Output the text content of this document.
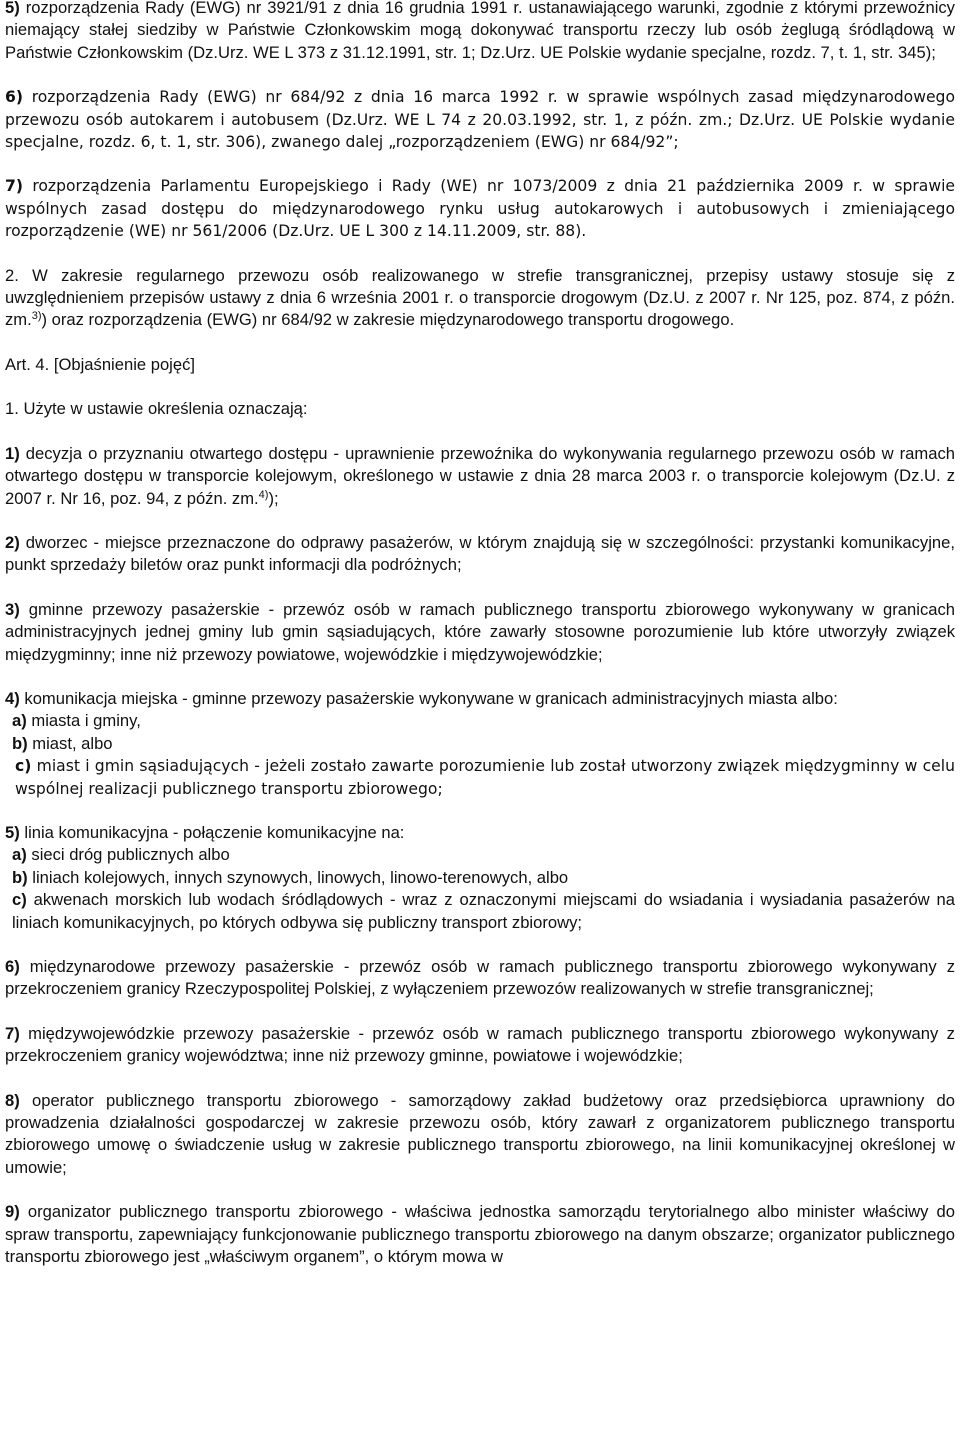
5) rozporządzenia Rady (EWG) nr 3921/91 z dnia 16 grudnia 1991 r. ustanawiającego warunki, zgodnie z którymi przewoźnicy niemający stałej siedziby w Państwie Członkowskim mogą dokonywać transportu rzeczy lub osób żeglugą śródlądową w Państwie Członkowskim (Dz.Urz. WE L 373 z 31.12.1991, str. 1; Dz.Urz. UE Polskie wydanie specjalne, rozdz. 7, t. 1, str. 345);

6) rozporządzenia Rady (EWG) nr 684/92 z dnia 16 marca 1992 r. w sprawie wspólnych zasad międzynarodowego przewozu osób autokarem i autobusem (Dz.Urz. WE L 74 z 20.03.1992, str. 1, z późn. zm.; Dz.Urz. UE Polskie wydanie specjalne, rozdz. 6, t. 1, str. 306), zwanego dalej „rozporządzeniem (EWG) nr 684/92”;

7) rozporządzenia Parlamentu Europejskiego i Rady (WE) nr 1073/2009 z dnia 21 października 2009 r. w sprawie wspólnych zasad dostępu do międzynarodowego rynku usług autokarowych i autobusowych i zmieniającego rozporządzenie (WE) nr 561/2006 (Dz.Urz. UE L 300 z 14.11.2009, str. 88).

2. W zakresie regularnego przewozu osób realizowanego w strefie transgranicznej, przepisy ustawy stosuje się z uwzględnieniem przepisów ustawy z dnia 6 września 2001 r. o transporcie drogowym (Dz.U. z 2007 r. Nr 125, poz. 874, z późn. zm.$^{3)}$) oraz rozporządzenia (EWG) nr 684/92 w zakresie międzynarodowego transportu drogowego.

Art. 4. [Objaśnienie pojęć]

1. Użyte w ustawie określenia oznaczają:

1) decyzja o przyznaniu otwartego dostępu - uprawnienie przewoźnika do wykonywania regularnego przewozu osób w ramach otwartego dostępu w transporcie kolejowym, określonego w ustawie z dnia 28 marca 2003 r. o transporcie kolejowym (Dz.U. z 2007 r. Nr 16, poz. 94, z późn. zm.$^{4)}$);

2) dworzec - miejsce przeznaczone do odprawy pasażerów, w którym znajdują się w szczególności: przystanki komunikacyjne, punkt sprzedaży biletów oraz punkt informacji dla podróżnych;

3) gminne przewozy pasażerskie - przewóz osób w ramach publicznego transportu zbiorowego wykonywany w granicach administracyjnych jednej gminy lub gmin sąsiadujących, które zawarły stosowne porozumienie lub które utworzyły związek międzygminny; inne niż przewozy powiatowe, wojewódzkie i międzywojewódzkie;

4) komunikacja miejska - gminne przewozy pasażerskie wykonywane w granicach administracyjnych miasta albo:

a) miasta i gminy,

b) miast, albo

c) miast i gmin sąsiadujących - jeżeli zostało zawarte porozumienie lub został utworzony związek międzygminny w celu wspólnej realizacji publicznego transportu zbiorowego;

5) linia komunikacyjna - połączenie komunikacyjne na:

a) sieci dróg publicznych albo

b) liniach kolejowych, innych szynowych, linowych, linowo-terenowych, albo

c) akwenach morskich lub wodach śródlądowych - wraz z oznaczonymi miejscami do wsiadania i wysiadania pasażerów na liniach komunikacyjnych, po których odbywa się publiczny transport zbiorowy;

6) międzynarodowe przewozy pasażerskie - przewóz osób w ramach publicznego transportu zbiorowego wykonywany z przekroczeniem granicy Rzeczypospolitej Polskiej, z wyłączeniem przewozów realizowanych w strefie transgranicznej;

7) międzywojewódzkie przewozy pasażerskie - przewóz osób w ramach publicznego transportu zbiorowego wykonywany z przekroczeniem granicy województwa; inne niż przewozy gminne, powiatowe i wojewódzkie;

8) operator publicznego transportu zbiorowego - samorządowy zakład budżetowy oraz przedsiębiorca uprawniony do prowadzenia działalności gospodarczej w zakresie przewozu osób, który zawarł z organizatorem publicznego transportu zbiorowego umowę o świadczenie usług w zakresie publicznego transportu zbiorowego, na linii komunikacyjnej określonej w umowie;

9) organizator publicznego transportu zbiorowego - właściwa jednostka samorządu terytorialnego albo minister właściwy do spraw transportu, zapewniający funkcjonowanie publicznego transportu zbiorowego na danym obszarze; organizator publicznego transportu zbiorowego jest „właściwym organem”, o którym mowa w
